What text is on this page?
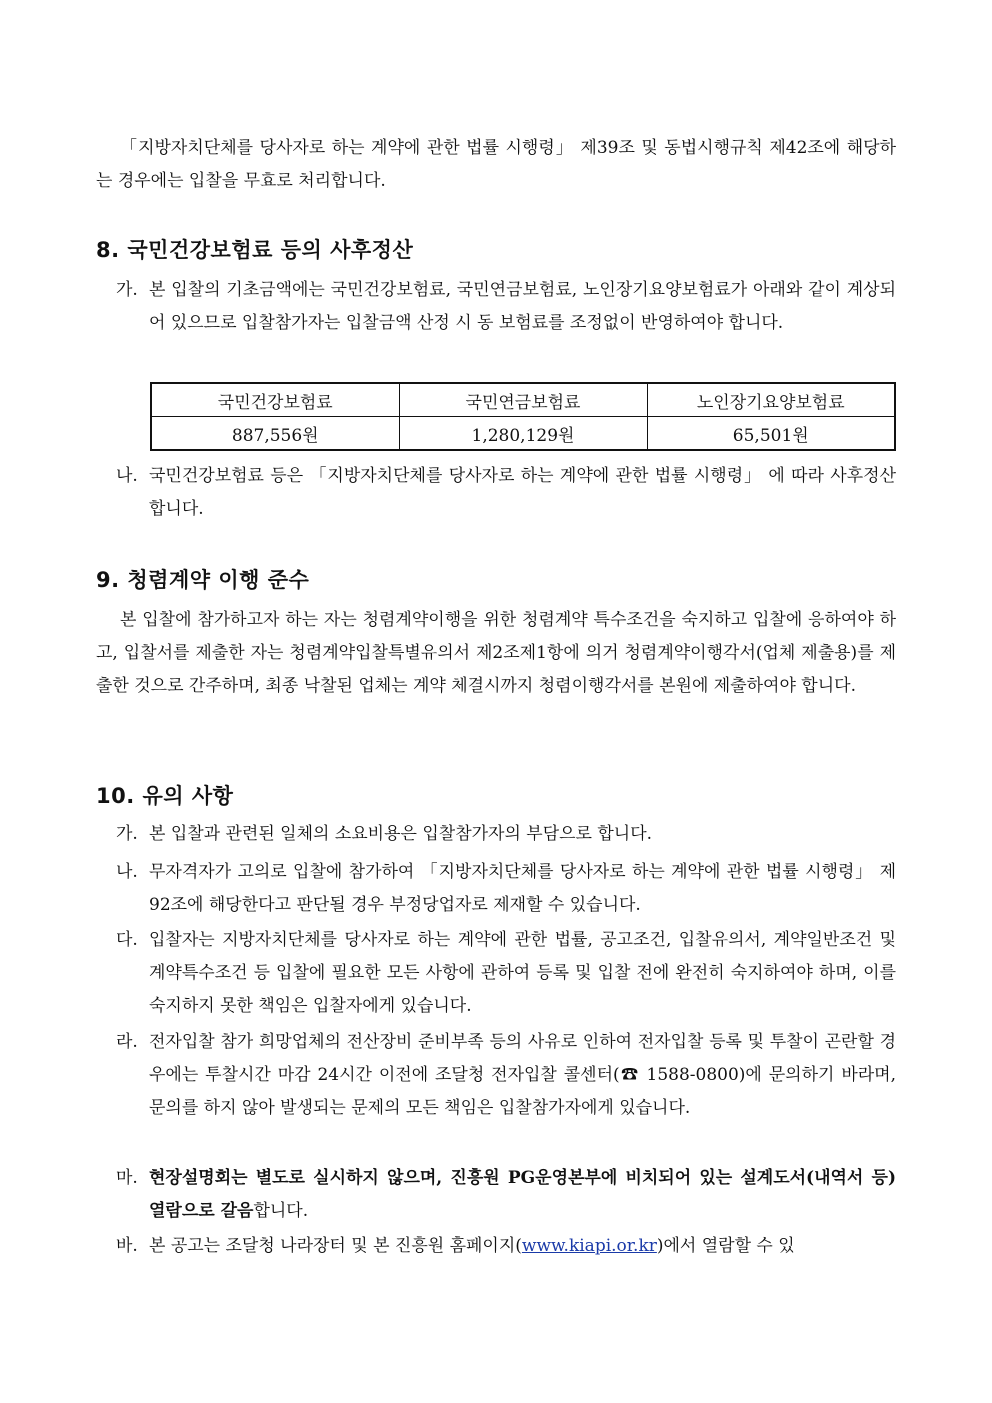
「지방자치단체를 당사자로 하는 계약에 관한 법률 시행령」 제39조 및 동법시행규칙 제42조에 해당하는 경우에는 입찰을 무효로 처리합니다.
8. 국민건강보험료 등의 사후정산
가. 본 입찰의 기초금액에는 국민건강보험료, 국민연금보험료, 노인장기요양보험료가 아래와 같이 계상되어 있으므로 입찰참가자는 입찰금액 산정 시 동 보험료를 조정없이 반영하여야 합니다.
국민건강보험료	국민연금보험료	노인장기요양보험료
887,556원	1,280,129원	65,501원
나. 국민건강보험료 등은 「지방자치단체를 당사자로 하는 계약에 관한 법률 시행령」 에 따라 사후정산 합니다.
9. 청렴계약 이행 준수
본 입찰에 참가하고자 하는 자는 청렴계약이행을 위한 청렴계약 특수조건을 숙지하고 입찰에 응하여야 하고, 입찰서를 제출한 자는 청렴계약입찰특별유의서 제2조제1항에 의거 청렴계약이행각서(업체 제출용)를 제출한 것으로 간주하며, 최종 낙찰된 업체는 계약 체결시까지 청렴이행각서를 본원에 제출하여야 합니다.
10. 유의 사항
가. 본 입찰과 관련된 일체의 소요비용은 입찰참가자의 부담으로 합니다.
나. 무자격자가 고의로 입찰에 참가하여 「지방자치단체를 당사자로 하는 계약에 관한 법률 시행령」 제92조에 해당한다고 판단될 경우 부정당업자로 제재할 수 있습니다.
다. 입찰자는 지방자치단체를 당사자로 하는 계약에 관한 법률, 공고조건, 입찰유의서, 계약일반조건 및 계약특수조건 등 입찰에 필요한 모든 사항에 관하여 등록 및 입찰 전에 완전히 숙지하여야 하며, 이를 숙지하지 못한 책임은 입찰자에게 있습니다.
라. 전자입찰 참가 희망업체의 전산장비 준비부족 등의 사유로 인하여 전자입찰 등록 및 투찰이 곤란할 경우에는 투찰시간 마감 24시간 이전에 조달청 전자입찰 콜센터(☎ 1588-0800)에 문의하기 바라며, 문의를 하지 않아 발생되는 문제의 모든 책임은 입찰참가자에게 있습니다.
마. 현장설명회는 별도로 실시하지 않으며, 진흥원 PG운영본부에 비치되어 있는 설계도서(내역서 등) 열람으로 갈음합니다.
바. 본 공고는 조달청 나라장터 및 본 진흥원 홈페이지(www.kiapi.or.kr)에서 열람할 수 있
